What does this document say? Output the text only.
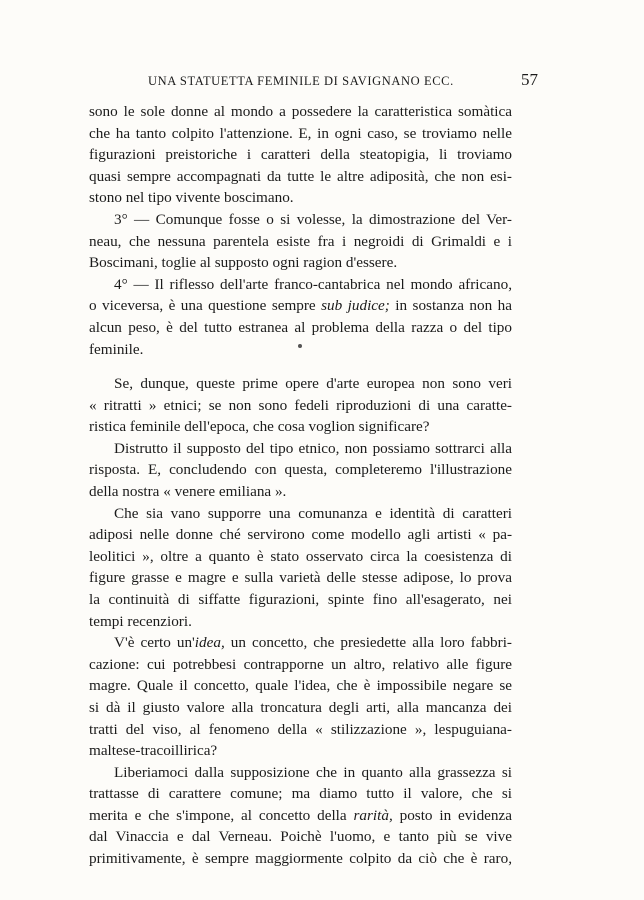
UNA STATUETTA FEMINILE DI SAVIGNANO ECC.	57
sono le sole donne al mondo a possedere la caratteristica somàtica
che ha tanto colpito l'attenzione. E, in ogni caso, se troviamo nelle
figurazioni preistoriche i caratteri della steatopigia, li troviamo
quasi sempre accompagnati da tutte le altre adiposità, che non esi-
stono nel tipo vivente boscimano.
3° — Comunque fosse o si volesse, la dimostrazione del Ver-
neau, che nessuna parentela esiste fra i negroidi di Grimaldi e i
Boscimani, toglie al supposto ogni ragion d'essere.
4° — Il riflesso dell'arte franco-cantabrica nel mondo africano,
o viceversa, è una questione sempre sub judice; in sostanza non ha
alcun peso, è del tutto estranea al problema della razza o del tipo
feminile.
Se, dunque, queste prime opere d'arte europea non sono veri
« ritratti » etnici; se non sono fedeli riproduzioni di una caratte-
ristica feminile dell'epoca, che cosa voglion significare?
Distrutto il supposto del tipo etnico, non possiamo sottrarci alla
risposta. E, concludendo con questa, completeremo l'illustrazione
della nostra « venere emiliana ».
Che sia vano supporre una comunanza e identità di caratteri
adiposi nelle donne ché servirono come modello agli artisti « pa-
leolitici », oltre a quanto è stato osservato circa la coesistenza di
figure grasse e magre e sulla varietà delle stesse adipose, lo prova
la continuità di siffatte figurazioni, spinte fino all'esagerato, nei
tempi recenziori.
V'è certo un'idea, un concetto, che presiedette alla loro fabbri-
cazione: cui potrebbesi contrapporne un altro, relativo alle figure
magre. Quale il concetto, quale l'idea, che è impossibile negare se
si dà il giusto valore alla troncatura degli arti, alla mancanza dei
tratti del viso, al fenomeno della « stilizzazione », lespuguiana-
maltese-tracoillirica?
Liberiamoci dalla supposizione che in quanto alla grassezza si
trattasse di carattere comune; ma diamo tutto il valore, che si
merita e che s'impone, al concetto della rarità, posto in evidenza
dal Vinaccia e dal Verneau. Poichè l'uomo, e tanto più se vive
primitivamente, è sempre maggiormente colpito da ciò che è raro,
